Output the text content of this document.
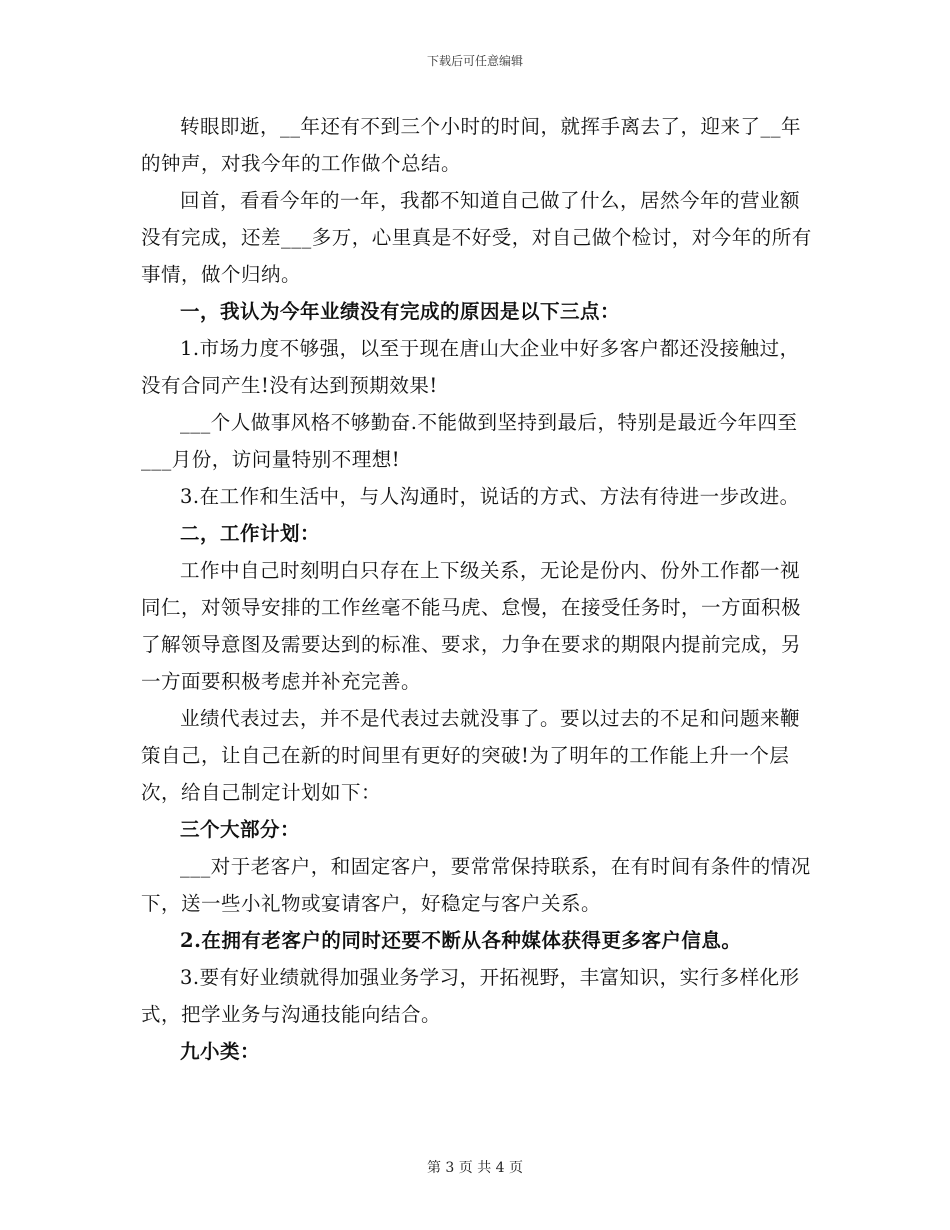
下载后可任意编辑

转眼即逝，__年还有不到三个小时的时间，就挥手离去了，迎来了__年的钟声，对我今年的工作做个总结。

回首，看看今年的一年，我都不知道自己做了什么，居然今年的营业额没有完成，还差___多万，心里真是不好受，对自己做个检讨，对今年的所有事情，做个归纳。

一，我认为今年业绩没有完成的原因是以下三点：

1.市场力度不够强，以至于现在唐山大企业中好多客户都还没接触过，没有合同产生!没有达到预期效果!

___个人做事风格不够勤奋.不能做到坚持到最后，特别是最近今年四至___月份，访问量特别不理想!

3.在工作和生活中，与人沟通时，说话的方式、方法有待进一步改进。

二，工作计划：

工作中自己时刻明白只存在上下级关系，无论是份内、份外工作都一视同仁，对领导安排的工作丝毫不能马虎、怠慢，在接受任务时，一方面积极了解领导意图及需要达到的标准、要求，力争在要求的期限内提前完成，另一方面要积极考虑并补充完善。

业绩代表过去，并不是代表过去就没事了。要以过去的不足和问题来鞭策自己，让自己在新的时间里有更好的突破!为了明年的工作能上升一个层次，给自己制定计划如下：

三个大部分：

___对于老客户，和固定客户，要常常保持联系，在有时间有条件的情况下，送一些小礼物或宴请客户，好稳定与客户关系。

2.在拥有老客户的同时还要不断从各种媒体获得更多客户信息。

3.要有好业绩就得加强业务学习，开拓视野，丰富知识，实行多样化形式，把学业务与沟通技能向结合。

九小类：

第 3 页 共 4 页
